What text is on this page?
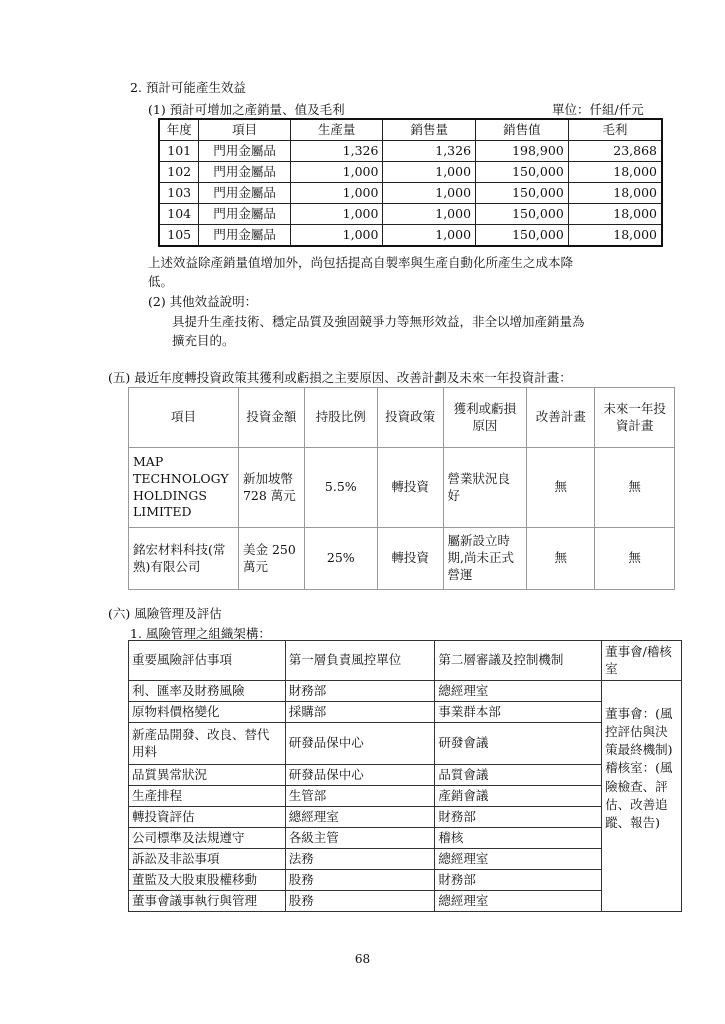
2. 預計可能產生效益
(1) 預計可增加之產銷量、值及毛利	單位：仟組/仟元
年度	項目	生產量	銷售量	銷售值	毛利
101	門用金屬品	1,326	1,326	198,900	23,868
102	門用金屬品	1,000	1,000	150,000	18,000
103	門用金屬品	1,000	1,000	150,000	18,000
104	門用金屬品	1,000	1,000	150,000	18,000
105	門用金屬品	1,000	1,000	150,000	18,000
上述效益除產銷量值增加外，尚包括提高自製率與生產自動化所產生之成本降
低。
(2) 其他效益說明：
具提升生產技術、穩定品質及強固競爭力等無形效益，非全以增加產銷量為
擴充目的。
(五) 最近年度轉投資政策其獲利或虧損之主要原因、改善計劃及未來一年投資計畫：
項目	投資金額	持股比例	投資政策	獲利或虧損原因	改善計畫	未來一年投資計畫
MAP TECHNOLOGY HOLDINGS LIMITED	新加坡幣 728 萬元	5.5%	轉投資	營業狀況良好	無	無
銘宏材料科技(常熟)有限公司	美金 250 萬元	25%	轉投資	屬新設立時期,尚未正式營運	無	無
(六) 風險管理及評估
1. 風險管理之組織架構：
重要風險評估事項	第一層負責風控單位	第二層審議及控制機制	董事會/稽核室
利、匯率及財務風險	財務部	總經理室	董事會：(風控評估與決策最終機制)稽核室：(風險檢查、評估、改善追蹤、報告)
原物料價格變化	採購部	事業群本部	
新產品開發、改良、替代用料	研發品保中心	研發會議	
品質異常狀況	研發品保中心	品質會議	
生產排程	生管部	產銷會議	
轉投資評估	總經理室	財務部	
公司標準及法規遵守	各級主管	稽核	
訴訟及非訟事項	法務	總經理室	
董監及大股東股權移動	股務	財務部	
董事會議事執行與管理	股務	總經理室	
68
